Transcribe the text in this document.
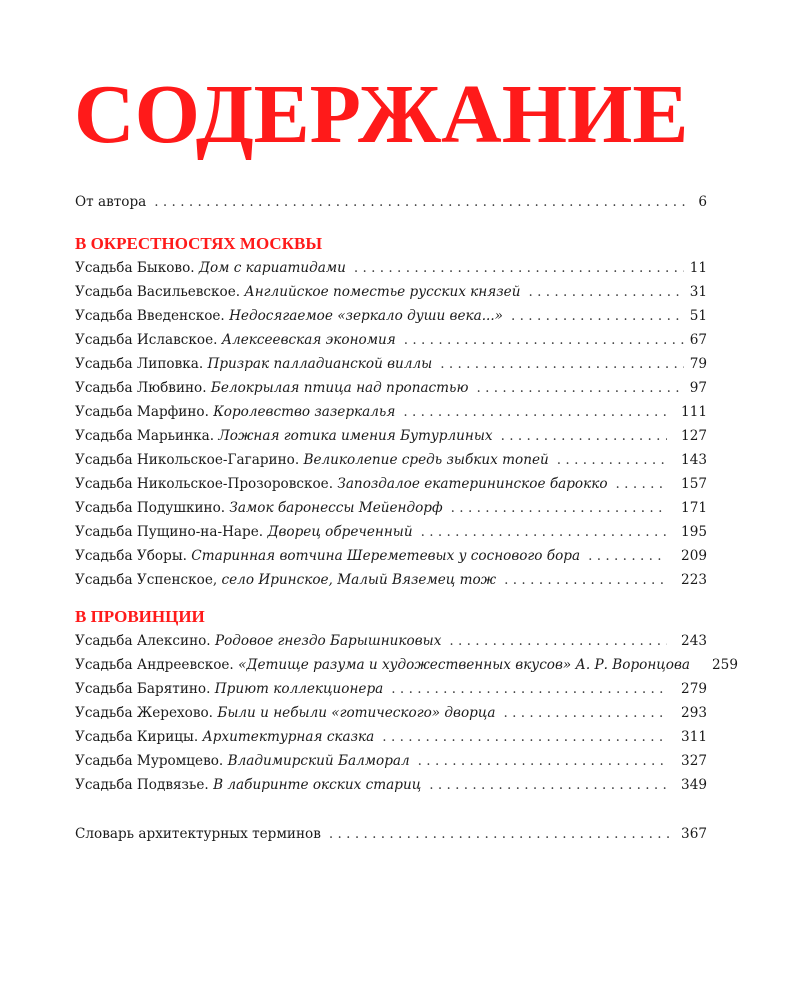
СОДЕРЖАНИЕ
От автора . . .	6
В ОКРЕСТНОСТЯХ МОСКВЫ
Усадьба Быково. Дом с кариатидами . . .	11
Усадьба Васильевское. Английское поместье русских князей . . .	31
Усадьба Введенское. Недосягаемое «зеркало души века...» . . .	51
Усадьба Иславское. Алексеевская экономия . . .	67
Усадьба Липовка. Призрак палладианской виллы . . .	79
Усадьба Любвино. Белокрылая птица над пропастью . . .	97
Усадьба Марфино. Королевство зазеркалья . . .	111
Усадьба Марьинка. Ложная готика имения Бутурлиных . . .	127
Усадьба Никольское-Гагарино. Великолепие средь зыбких топей . . .	143
Усадьба Никольское-Прозоровское. Запоздалое екатерининское барокко . . .	157
Усадьба Подушкино. Замок баронессы Мейендорф . . .	171
Усадьба Пущино-на-Наре. Дворец обреченный . . .	195
Усадьба Уборы. Старинная вотчина Шереметевых у соснового бора . . .	209
Усадьба Успенское, село Иринское, Малый Вяземец тож . . .	223
В ПРОВИНЦИИ
Усадьба Алексино. Родовое гнездо Барышниковых . . .	243
Усадьба Андреевское. «Детище разума и художественных вкусов» А. Р. Воронцова	259
Усадьба Барятино. Приют коллекционера . . .	279
Усадьба Жерехово. Были и небыли «готического» дворца . . .	293
Усадьба Кирицы. Архитектурная сказка . . .	311
Усадьба Муромцево. Владимирский Балморал . . .	327
Усадьба Подвязье. В лабиринте окских стариц . . .	349
Словарь архитектурных терминов . . .	367
